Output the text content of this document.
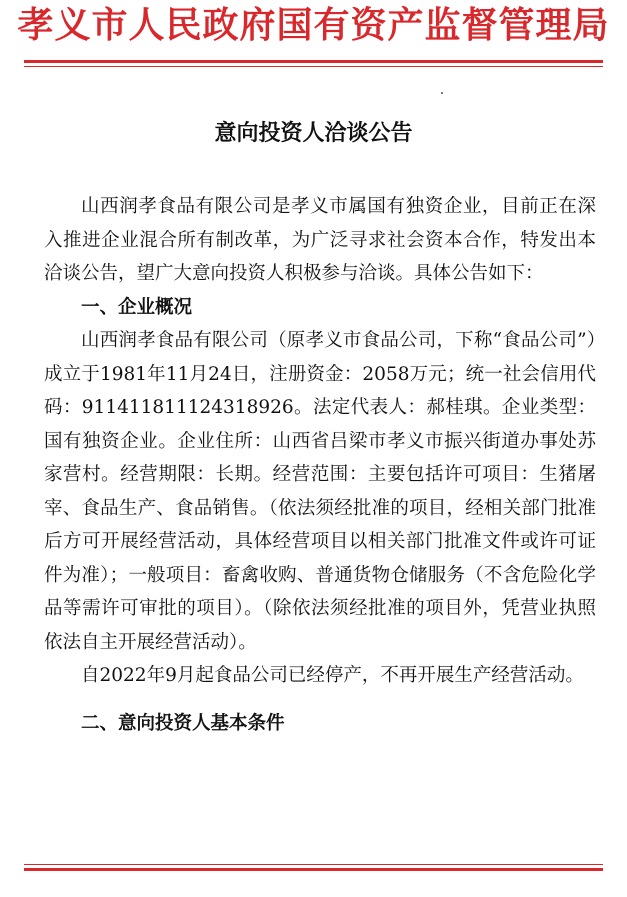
孝义市人民政府国有资产监督管理局
意向投资人洽谈公告

山西润孝食品有限公司是孝义市属国有独资企业，目前正在深入推进企业混合所有制改革，为广泛寻求社会资本合作，特发出本洽谈公告，望广大意向投资人积极参与洽谈。具体公告如下：

一、企业概况

山西润孝食品有限公司（原孝义市食品公司，下称“食品公司”）成立于1981年11月24日，注册资金：2058万元；统一社会信用代码：911411811124318926。法定代表人：郝桂琪。企业类型：国有独资企业。企业住所：山西省吕梁市孝义市振兴街道办事处苏家营村。经营期限：长期。经营范围：主要包括许可项目：生猪屠宰、食品生产、食品销售。（依法须经批准的项目，经相关部门批准后方可开展经营活动，具体经营项目以相关部门批准文件或许可证件为准）；一般项目：畜禽收购、普通货物仓储服务（不含危险化学品等需许可审批的项目）。（除依法须经批准的项目外，凭营业执照依法自主开展经营活动）。

自2022年9月起食品公司已经停产，不再开展生产经营活动。

二、意向投资人基本条件
